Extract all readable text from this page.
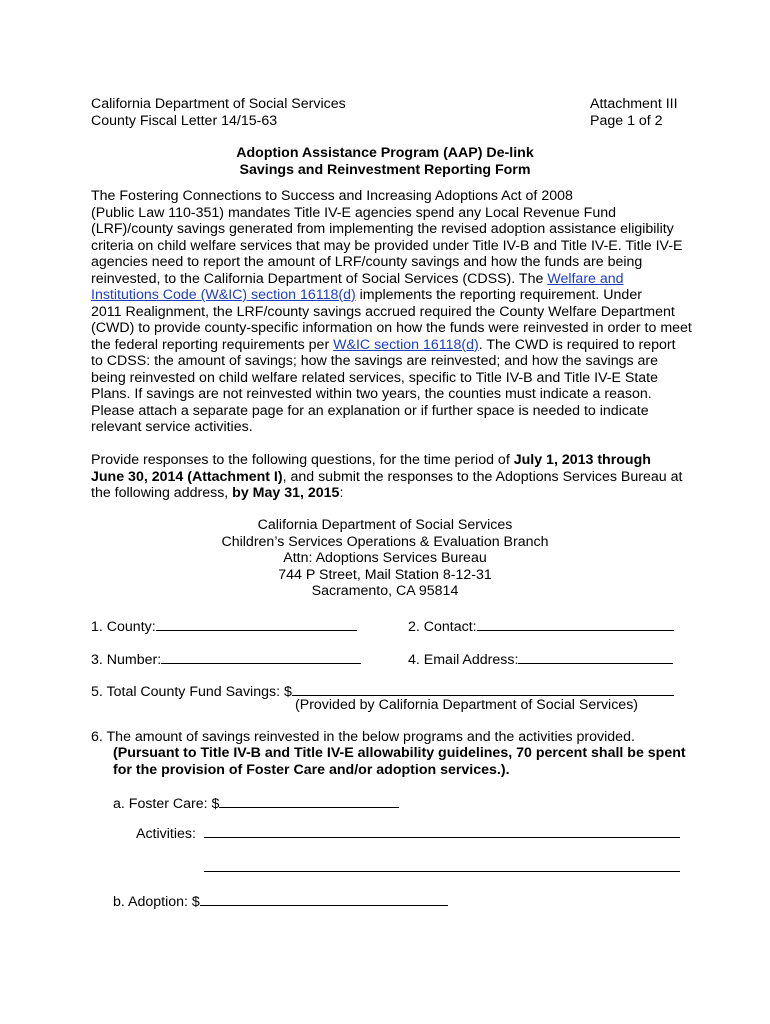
California Department of Social Services
County Fiscal Letter 14/15-63
Attachment III
Page 1 of 2
Adoption Assistance Program (AAP) De-link
Savings and Reinvestment Reporting Form
The Fostering Connections to Success and Increasing Adoptions Act of 2008
(Public Law 110-351) mandates Title IV-E agencies spend any Local Revenue Fund
(LRF)/county savings generated from implementing the revised adoption assistance eligibility
criteria on child welfare services that may be provided under Title IV-B and Title IV-E. Title IV-E
agencies need to report the amount of LRF/county savings and how the funds are being
reinvested, to the California Department of Social Services (CDSS). The Welfare and
Institutions Code (W&IC) section 16118(d) implements the reporting requirement. Under
2011 Realignment, the LRF/county savings accrued required the County Welfare Department
(CWD) to provide county-specific information on how the funds were reinvested in order to meet
the federal reporting requirements per W&IC section 16118(d). The CWD is required to report
to CDSS: the amount of savings; how the savings are reinvested; and how the savings are
being reinvested on child welfare related services, specific to Title IV-B and Title IV-E State
Plans. If savings are not reinvested within two years, the counties must indicate a reason.
Please attach a separate page for an explanation or if further space is needed to indicate
relevant service activities.
Provide responses to the following questions, for the time period of July 1, 2013 through
June 30, 2014 (Attachment I), and submit the responses to the Adoptions Services Bureau at
the following address, by May 31, 2015:
California Department of Social Services
Children’s Services Operations & Evaluation Branch
Attn: Adoptions Services Bureau
744 P Street, Mail Station 8-12-31
Sacramento, CA 95814
1. County:	2. Contact:
3. Number:	4. Email Address:
5. Total County Fund Savings: $
(Provided by California Department of Social Services)
6. The amount of savings reinvested in the below programs and the activities provided.
(Pursuant to Title IV-B and Title IV-E allowability guidelines, 70 percent shall be spent
for the provision of Foster Care and/or adoption services.).
a. Foster Care: $
Activities:
b. Adoption: $
